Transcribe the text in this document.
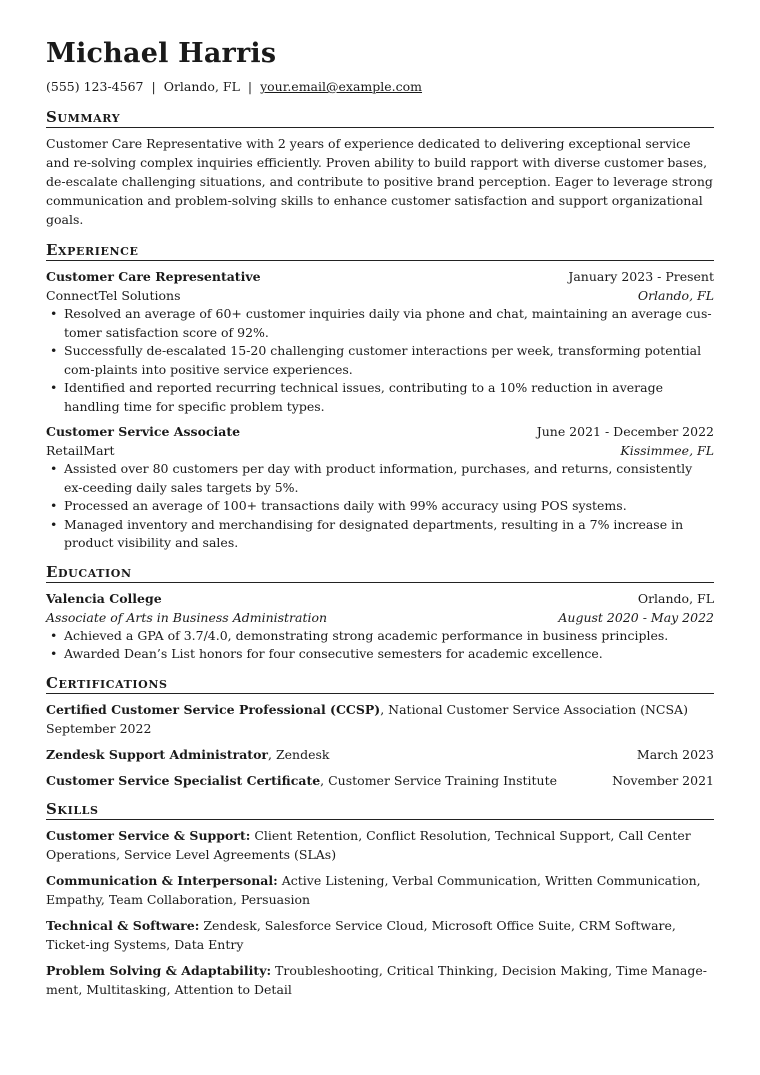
Michael Harris
(555) 123-4567 | Orlando, FL | your.email@example.com
Summary
Customer Care Representative with 2 years of experience dedicated to delivering exceptional service and re-solving complex inquiries efficiently. Proven ability to build rapport with diverse customer bases, de-escalate challenging situations, and contribute to positive brand perception. Eager to leverage strong communication and problem-solving skills to enhance customer satisfaction and support organizational goals.
Experience
Customer Care Representative	January 2023 - Present
ConnectTel Solutions	Orlando, FL
• Resolved an average of 60+ customer inquiries daily via phone and chat, maintaining an average cus-tomer satisfaction score of 92%.
• Successfully de-escalated 15-20 challenging customer interactions per week, transforming potential com-plaints into positive service experiences.
• Identified and reported recurring technical issues, contributing to a 10% reduction in average handling time for specific problem types.
Customer Service Associate	June 2021 - December 2022
RetailMart	Kissimmee, FL
• Assisted over 80 customers per day with product information, purchases, and returns, consistently ex-ceeding daily sales targets by 5%.
• Processed an average of 100+ transactions daily with 99% accuracy using POS systems.
• Managed inventory and merchandising for designated departments, resulting in a 7% increase in product visibility and sales.
Education
Valencia College	Orlando, FL
Associate of Arts in Business Administration	August 2020 - May 2022
• Achieved a GPA of 3.7/4.0, demonstrating strong academic performance in business principles.
• Awarded Dean’s List honors for four consecutive semesters for academic excellence.
Certifications
Certified Customer Service Professional (CCSP), National Customer Service Association (NCSA)
September 2022
Zendesk Support Administrator, Zendesk	March 2023
Customer Service Specialist Certificate, Customer Service Training Institute	November 2021
Skills
Customer Service & Support: Client Retention, Conflict Resolution, Technical Support, Call Center Operations, Service Level Agreements (SLAs)
Communication & Interpersonal: Active Listening, Verbal Communication, Written Communication, Empathy, Team Collaboration, Persuasion
Technical & Software: Zendesk, Salesforce Service Cloud, Microsoft Office Suite, CRM Software, Ticket-ing Systems, Data Entry
Problem Solving & Adaptability: Troubleshooting, Critical Thinking, Decision Making, Time Manage-ment, Multitasking, Attention to Detail
